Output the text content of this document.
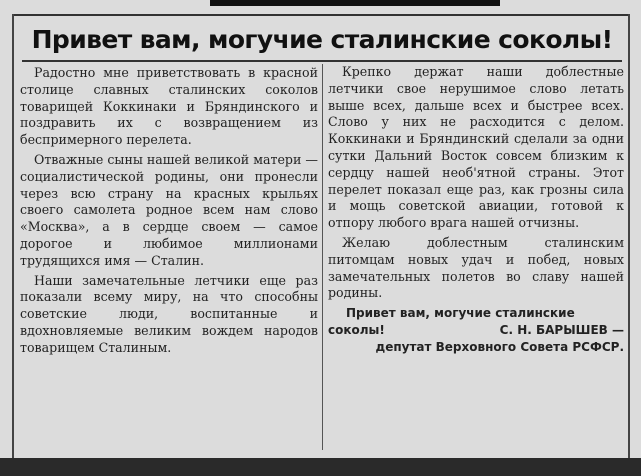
Привет вам, могучие сталинские соколы!

Радостно мне приветствовать в красной столице славных сталинских соколов товарищей Коккинаки и Бряндинского и поздравить их с возвращением из беспримерного перелета.

Отважные сыны нашей великой матери — социалистической родины, они пронесли через всю страну на красных крыльях своего самолета родное всем нам слово «Москва», а в сердце своем — самое дорогое и любимое миллионами трудящихся имя — Сталин.

Наши замечательные летчики еще раз показали всему миру, на что способны советские люди, воспитанные и вдохновляемые великим вождем народов товарищем Сталиным.

Крепко держат наши доблестные летчики свое нерушимое слово летать выше всех, дальше всех и быстрее всех. Слово у них не расходится с делом. Коккинаки и Бряндинский сделали за одни сутки Дальний Восток совсем близким к сердцу нашей необ'ятной страны. Этот перелет показал еще раз, как грозны сила и мощь советской авиации, готовой к отпору любого врага нашей отчизны.

Желаю доблестным сталинским питомцам новых удач и побед, новых замечательных полетов во славу нашей родины.

Привет вам, могучие сталинские
соколы!	С. Н. БАРЫШЕВ —
депутат Верховного Совета РСФСР.
